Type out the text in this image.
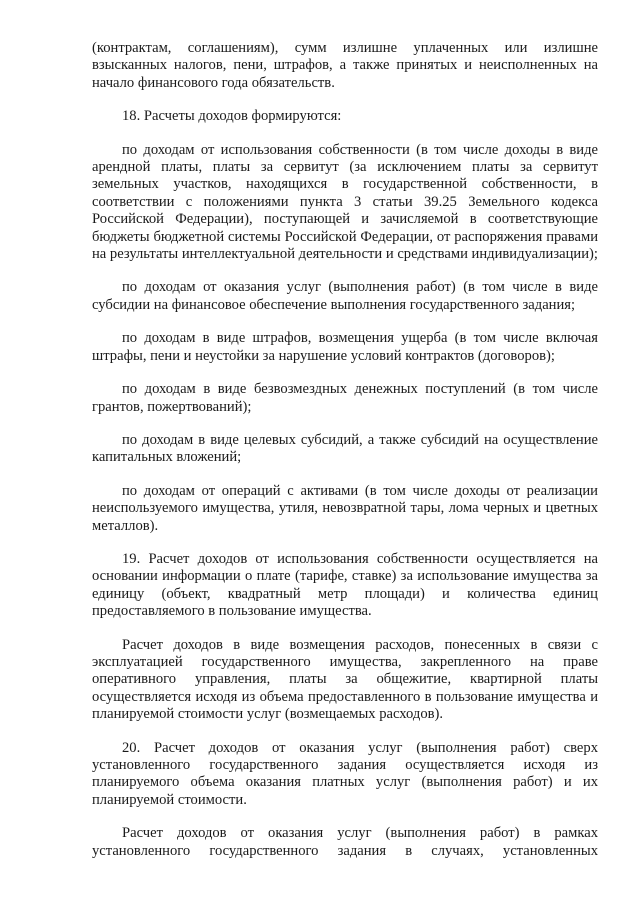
(контрактам, соглашениям), сумм излишне уплаченных или излишне взысканных налогов, пени, штрафов, а также принятых и неисполненных на начало финансового года обязательств.

18. Расчеты доходов формируются:

по доходам от использования собственности (в том числе доходы в виде арендной платы, платы за сервитут (за исключением платы за сервитут земельных участков, находящихся в государственной собственности, в соответствии с положениями пункта 3 статьи 39.25 Земельного кодекса Российской Федерации), поступающей и зачисляемой в соответствующие бюджеты бюджетной системы Российской Федерации, от распоряжения правами на результаты интеллектуальной деятельности и средствами индивидуализации);

по доходам от оказания услуг (выполнения работ) (в том числе в виде субсидии на финансовое обеспечение выполнения государственного задания;

по доходам в виде штрафов, возмещения ущерба (в том числе включая штрафы, пени и неустойки за нарушение условий контрактов (договоров);

по доходам в виде безвозмездных денежных поступлений (в том числе грантов, пожертвований);

по доходам в виде целевых субсидий, а также субсидий на осуществление капитальных вложений;

по доходам от операций с активами (в том числе доходы от реализации неиспользуемого имущества, утиля, невозвратной тары, лома черных и цветных металлов).

19. Расчет доходов от использования собственности осуществляется на основании информации о плате (тарифе, ставке) за использование имущества за единицу (объект, квадратный метр площади) и количества единиц предоставляемого в пользование имущества.

Расчет доходов в виде возмещения расходов, понесенных в связи с эксплуатацией государственного имущества, закрепленного на праве оперативного управления, платы за общежитие, квартирной платы осуществляется исходя из объема предоставленного в пользование имущества и планируемой стоимости услуг (возмещаемых расходов).

20. Расчет доходов от оказания услуг (выполнения работ) сверх установленного государственного задания осуществляется исходя из планируемого объема оказания платных услуг (выполнения работ) и их планируемой стоимости.

Расчет доходов от оказания услуг (выполнения работ) в рамках установленного государственного задания в случаях, установленных
